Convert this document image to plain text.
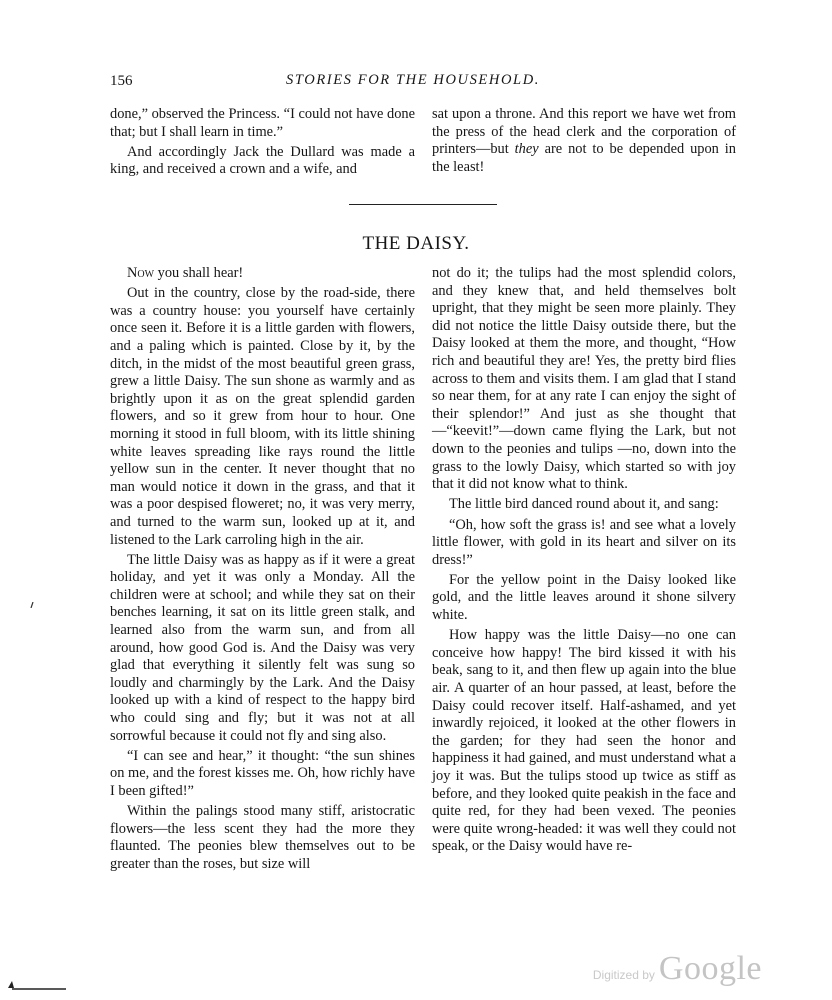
156	STORIES FOR THE HOUSEHOLD.

done,” observed the Princess. “I could not have done that; but I shall learn in time.”

And accordingly Jack the Dullard was made a king, and received a crown and a wife, and

sat upon a throne. And this report we have wet from the press of the head clerk and the corporation of printers—but they are not to be depended upon in the least!

THE DAISY.

Now you shall hear!

Out in the country, close by the road-side, there was a country house: you yourself have certainly once seen it. Before it is a little garden with flowers, and a paling which is painted. Close by it, by the ditch, in the midst of the most beautiful green grass, grew a little Daisy. The sun shone as warmly and as brightly upon it as on the great splendid garden flowers, and so it grew from hour to hour. One morning it stood in full bloom, with its little shining white leaves spreading like rays round the little yellow sun in the center. It never thought that no man would notice it down in the grass, and that it was a poor despised floweret; no, it was very merry, and turned to the warm sun, looked up at it, and listened to the Lark carroling high in the air.

The little Daisy was as happy as if it were a great holiday, and yet it was only a Monday. All the children were at school; and while they sat on their benches learning, it sat on its little green stalk, and learned also from the warm sun, and from all around, how good God is. And the Daisy was very glad that everything it silently felt was sung so loudly and charmingly by the Lark. And the Daisy looked up with a kind of respect to the happy bird who could sing and fly; but it was not at all sorrowful because it could not fly and sing also.

“I can see and hear,” it thought: “the sun shines on me, and the forest kisses me. Oh, how richly have I been gifted!”

Within the palings stood many stiff, aristocratic flowers—the less scent they had the more they flaunted. The peonies blew themselves out to be greater than the roses, but size will

not do it; the tulips had the most splendid colors, and they knew that, and held themselves bolt upright, that they might be seen more plainly. They did not notice the little Daisy outside there, but the Daisy looked at them the more, and thought, “How rich and beautiful they are! Yes, the pretty bird flies across to them and visits them. I am glad that I stand so near them, for at any rate I can enjoy the sight of their splendor!” And just as she thought that—“keevit!”—down came flying the Lark, but not down to the peonies and tulips —no, down into the grass to the lowly Daisy, which started so with joy that it did not know what to think.

The little bird danced round about it, and sang:

“Oh, how soft the grass is! and see what a lovely little flower, with gold in its heart and silver on its dress!”

For the yellow point in the Daisy looked like gold, and the little leaves around it shone silvery white.

How happy was the little Daisy—no one can conceive how happy! The bird kissed it with his beak, sang to it, and then flew up again into the blue air. A quarter of an hour passed, at least, before the Daisy could recover itself. Half-ashamed, and yet inwardly rejoiced, it looked at the other flowers in the garden; for they had seen the honor and happiness it had gained, and must understand what a joy it was. But the tulips stood up twice as stiff as before, and they looked quite peakish in the face and quite red, for they had been vexed. The peonies were quite wrong-headed: it was well they could not speak, or the Daisy would have re-

Digitized by Google
